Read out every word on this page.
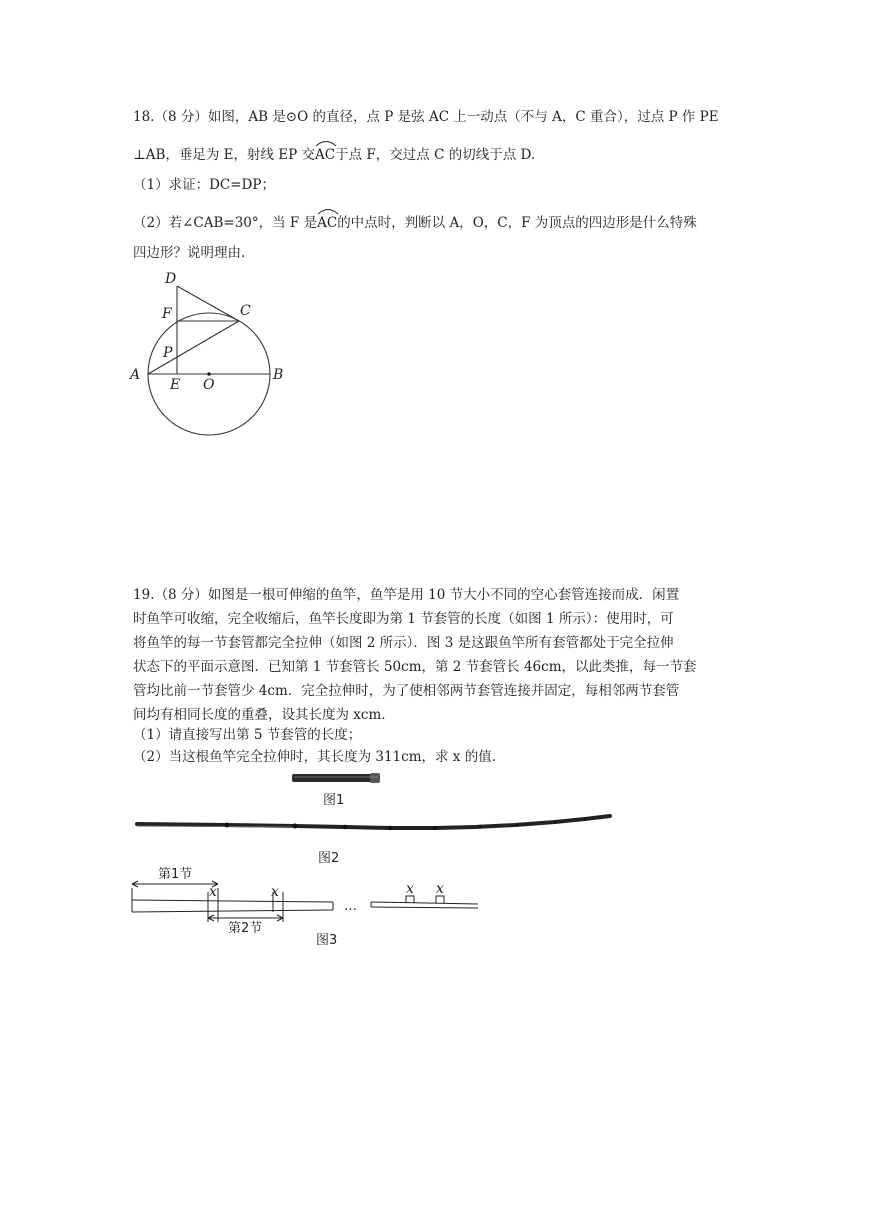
18.（8 分）如图，AB 是⊙O 的直径，点 P 是弦 AC 上一动点（不与 A，C 重合），过点 P 作 PE
⊥AB，垂足为 E，射线 EP 交
AC于点 F，交过点 C 的切线于点 D.
（1）求证：DC=DP；
（2）若∠CAB=30°，当 F 是
AC的中点时，判断以 A，O，C，F 为顶点的四边形是什么特殊
四边形？说明理由.
D
F	C
P
A
E O
B
19.（8 分）如图是一根可伸缩的鱼竿，鱼竿是用 10 节大小不同的空心套管连接而成．闲置
时鱼竿可收缩，完全收缩后，鱼竿长度即为第 1 节套管的长度（如图 1 所示）：使用时，可
将鱼竿的每一节套管都完全拉伸（如图 2 所示）．图 3 是这跟鱼竿所有套管都处于完全拉伸
状态下的平面示意图．已知第 1 节套管长 50cm，第 2 节套管长 46cm，以此类推，每一节套
管均比前一节套管少 4cm．完全拉伸时，为了使相邻两节套管连接并固定，每相邻两节套管
间均有相同长度的重叠，设其长度为 xcm.
（1）请直接写出第 5 节套管的长度；
（2）当这根鱼竿完全拉伸时，其长度为 311cm，求 x 的值.
图1
图2
第1节
x	x
第2节
…
x x
图3
